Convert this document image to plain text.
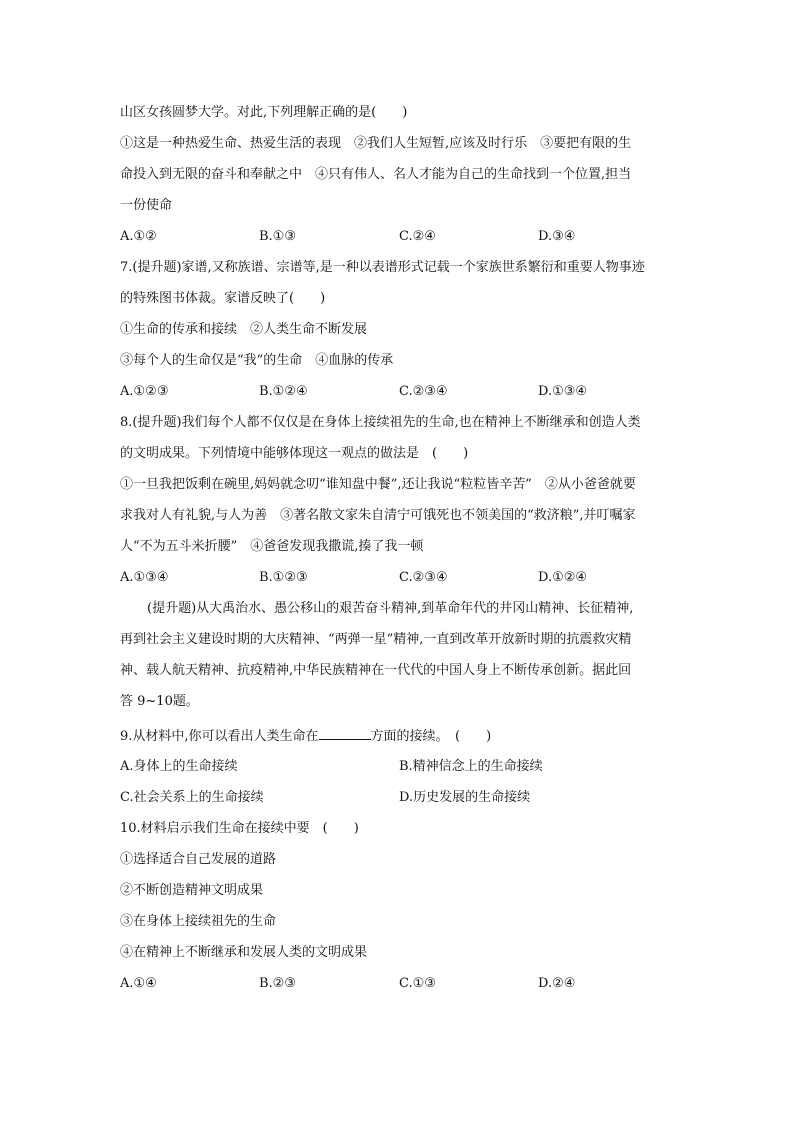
山区女孩圆梦大学。对此,下列理解正确的是(　　)
①这是一种热爱生命、热爱生活的表现　②我们人生短暂,应该及时行乐　③要把有限的生
命投入到无限的奋斗和奉献之中　④只有伟人、名人才能为自己的生命找到一个位置,担当
一份使命
A.①②	B.①③	C.②④	D.③④
7.(提升题)家谱,又称族谱、宗谱等,是一种以表谱形式记载一个家族世系繁衍和重要人物事迹
的特殊图书体裁。家谱反映了(　　)
①生命的传承和接续　②人类生命不断发展
③每个人的生命仅是“我”的生命　④血脉的传承
A.①②③	B.①②④	C.②③④	D.①③④
8.(提升题)我们每个人都不仅仅是在身体上接续祖先的生命,也在精神上不断继承和创造人类
的文明成果。下列情境中能够体现这一观点的做法是　(　　)
①一旦我把饭剩在碗里,妈妈就念叨“谁知盘中餐”,还让我说“粒粒皆辛苦”　②从小爸爸就要
求我对人有礼貌,与人为善　③著名散文家朱自清宁可饿死也不领美国的“救济粮”,并叮嘱家
人“不为五斗米折腰”　④爸爸发现我撒谎,揍了我一顿
A.①③④	B.①②③	C.②③④	D.①②④
(提升题)从大禹治水、愚公移山的艰苦奋斗精神,到革命年代的井冈山精神、长征精神,
再到社会主义建设时期的大庆精神、“两弹一星”精神,一直到改革开放新时期的抗震救灾精
神、载人航天精神、抗疫精神,中华民族精神在一代代的中国人身上不断传承创新。据此回
答 9~10题。
9.从材料中,你可以看出人类生命在	方面的接续。　(　　)
A.身体上的生命接续	B.精神信念上的生命接续
C.社会关系上的生命接续	D.历史发展的生命接续
10.材料启示我们生命在接续中要　(　　)
①选择适合自己发展的道路
②不断创造精神文明成果
③在身体上接续祖先的生命
④在精神上不断继承和发展人类的文明成果
A.①④	B.②③	C.①③	D.②④
